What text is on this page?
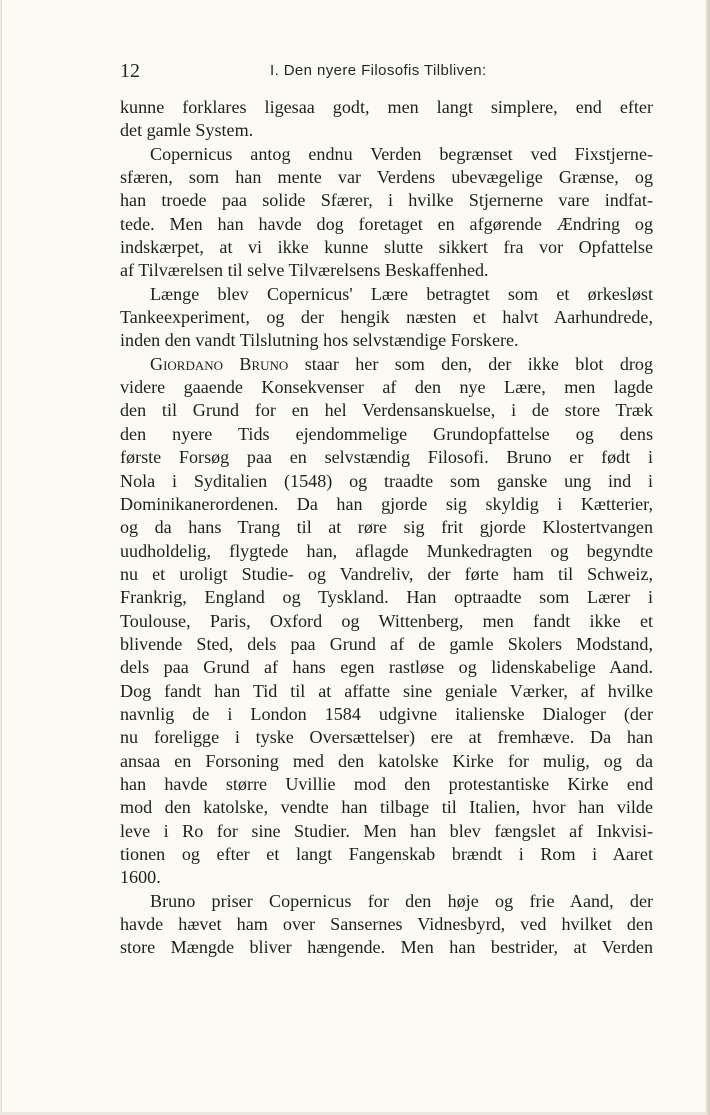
12	I. Den nyere Filosofis Tilbliven:
kunne forklares ligesaa godt, men langt simplere, end efter
det gamle System.
Copernicus antog endnu Verden begrænset ved Fixstjerne-
sfæren, som han mente var Verdens ubevægelige Grænse, og
han troede paa solide Sfærer, i hvilke Stjernerne vare indfat-
tede. Men han havde dog foretaget en afgørende Ændring og
indskærpet, at vi ikke kunne slutte sikkert fra vor Opfattelse
af Tilværelsen til selve Tilværelsens Beskaffenhed.
Længe blev Copernicus' Lære betragtet som et ørkesløst
Tankeexperiment, og der hengik næsten et halvt Aarhundrede,
inden den vandt Tilslutning hos selvstændige Forskere.
Giordano Bruno staar her som den, der ikke blot drog
videre gaaende Konsekvenser af den nye Lære, men lagde
den til Grund for en hel Verdensanskuelse, i de store Træk
den nyere Tids ejendommelige Grundopfattelse og dens
første Forsøg paa en selvstændig Filosofi. Bruno er født i
Nola i Syditalien (1548) og traadte som ganske ung ind i
Dominikanerordenen. Da han gjorde sig skyldig i Kætterier,
og da hans Trang til at røre sig frit gjorde Klostertvangen
uudholdelig, flygtede han, aflagde Munkedragten og begyndte
nu et uroligt Studie- og Vandreliv, der førte ham til Schweiz,
Frankrig, England og Tyskland. Han optraadte som Lærer i
Toulouse, Paris, Oxford og Wittenberg, men fandt ikke et
blivende Sted, dels paa Grund af de gamle Skolers Modstand,
dels paa Grund af hans egen rastløse og lidenskabelige Aand.
Dog fandt han Tid til at affatte sine geniale Værker, af hvilke
navnlig de i London 1584 udgivne italienske Dialoger (der
nu foreligge i tyske Oversættelser) ere at fremhæve. Da han
ansaa en Forsoning med den katolske Kirke for mulig, og da
han havde større Uvillie mod den protestantiske Kirke end
mod den katolske, vendte han tilbage til Italien, hvor han vilde
leve i Ro for sine Studier. Men han blev fængslet af Inkvisi-
tionen og efter et langt Fangenskab brændt i Rom i Aaret
1600.
Bruno priser Copernicus for den høje og frie Aand, der
havde hævet ham over Sansernes Vidnesbyrd, ved hvilket den
store Mængde bliver hængende. Men han bestrider, at Verden
